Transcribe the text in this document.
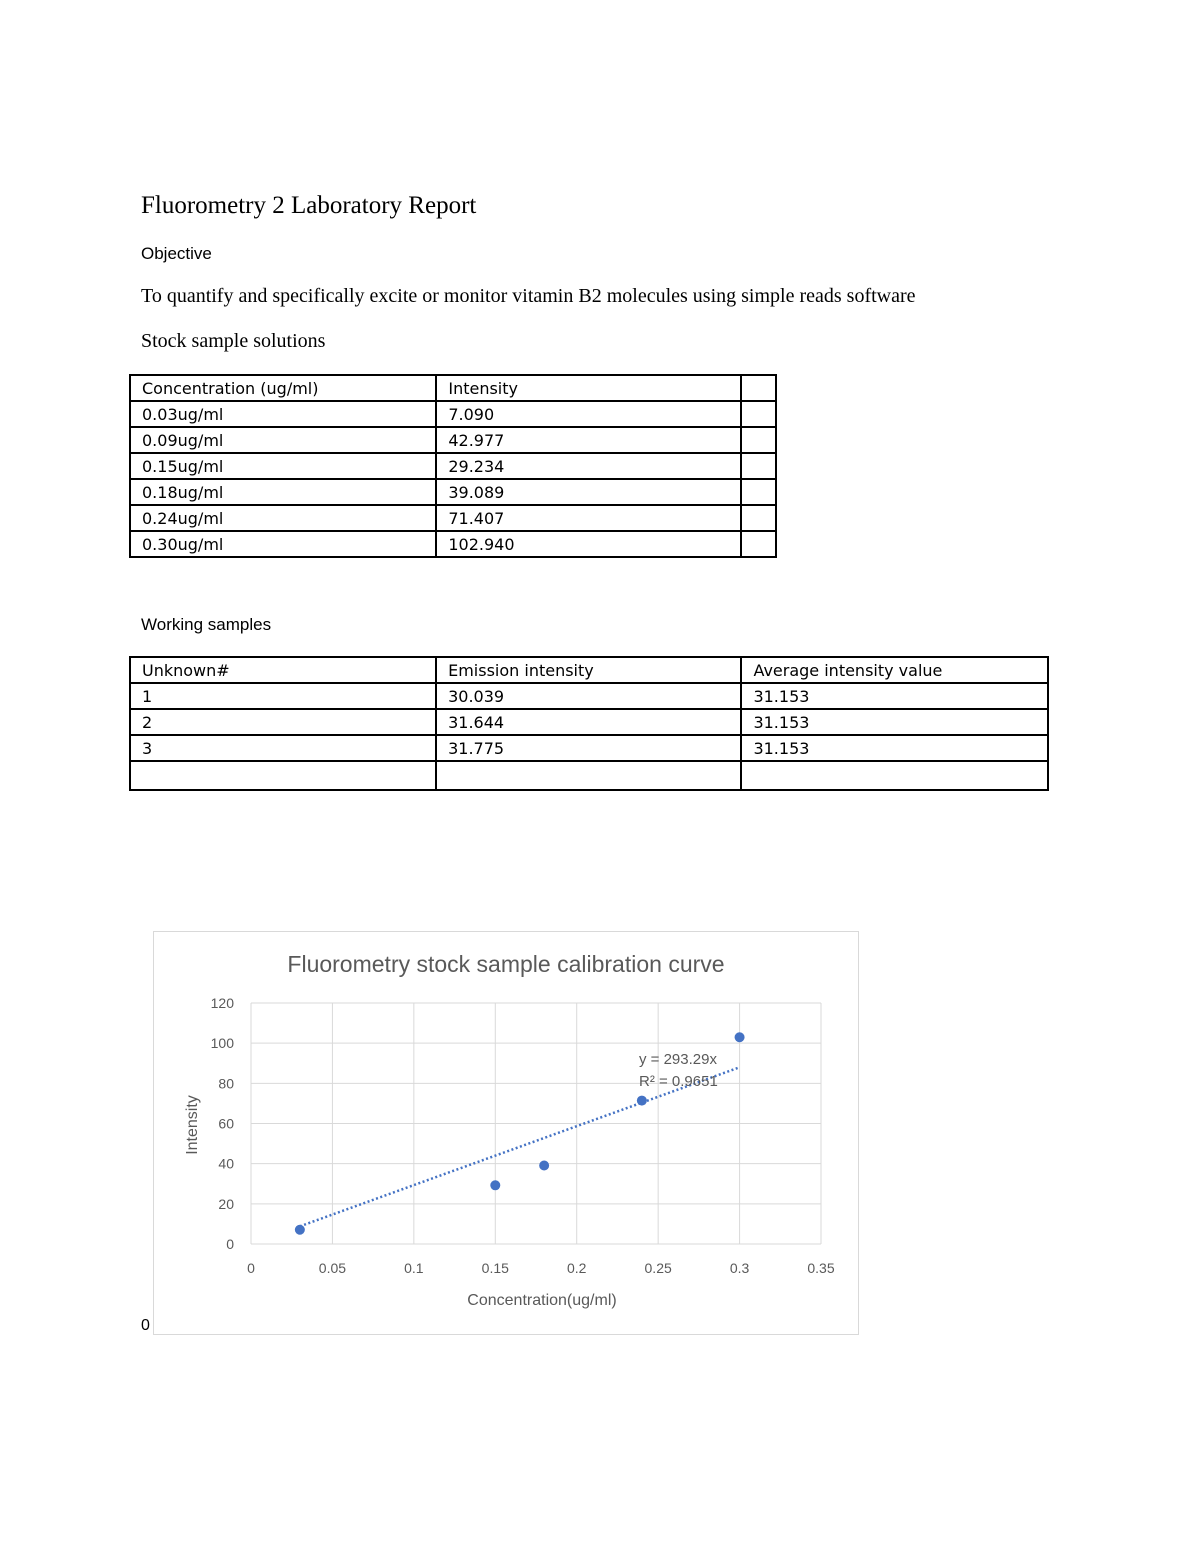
Fluorometry 2 Laboratory Report
Objective
To quantify and specifically excite or monitor vitamin B2 molecules using simple reads software
Stock sample solutions
Concentration (ug/ml)	Intensity	
0.03ug/ml	7.090	
0.09ug/ml	42.977	
0.15ug/ml	29.234	
0.18ug/ml	39.089	
0.24ug/ml	71.407	
0.30ug/ml	102.940	
Working samples
Unknown#	Emission intensity	Average intensity value
1	30.039	31.153
2	31.644	31.153
3	31.775	31.153

Fluorometry stock sample calibration curve
0
20
40
60
80
100
120
0	0.05	0.1	0.15	0.2	0.25	0.3	0.35
Concentration(ug/ml)
Intensity
y = 293.29x
R² = 0.9651
0
